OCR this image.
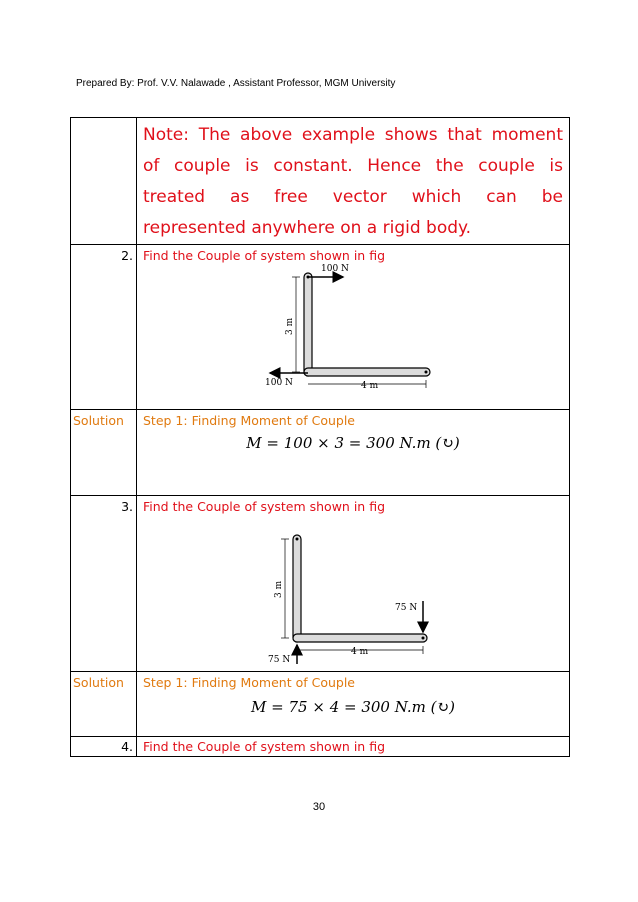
Prepared By: Prof. V.V. Nalawade , Assistant Professor, MGM University

	Note: The above example shows that moment
of couple is constant. Hence the couple is
treated as free vector which can be
represented anywhere on a rigid body.

2.	Find the Couple of system shown in fig
100 N
100 N
3 m
4 m

Solution	Step 1: Finding Moment of Couple
M = 100 × 3 = 300 N.m (↻)

3.	Find the Couple of system shown in fig
75 N
75 N
3 m
4 m

Solution	Step 1: Finding Moment of Couple
M = 75 × 4 = 300 N.m (↻)

4.	Find the Couple of system shown in fig
30
